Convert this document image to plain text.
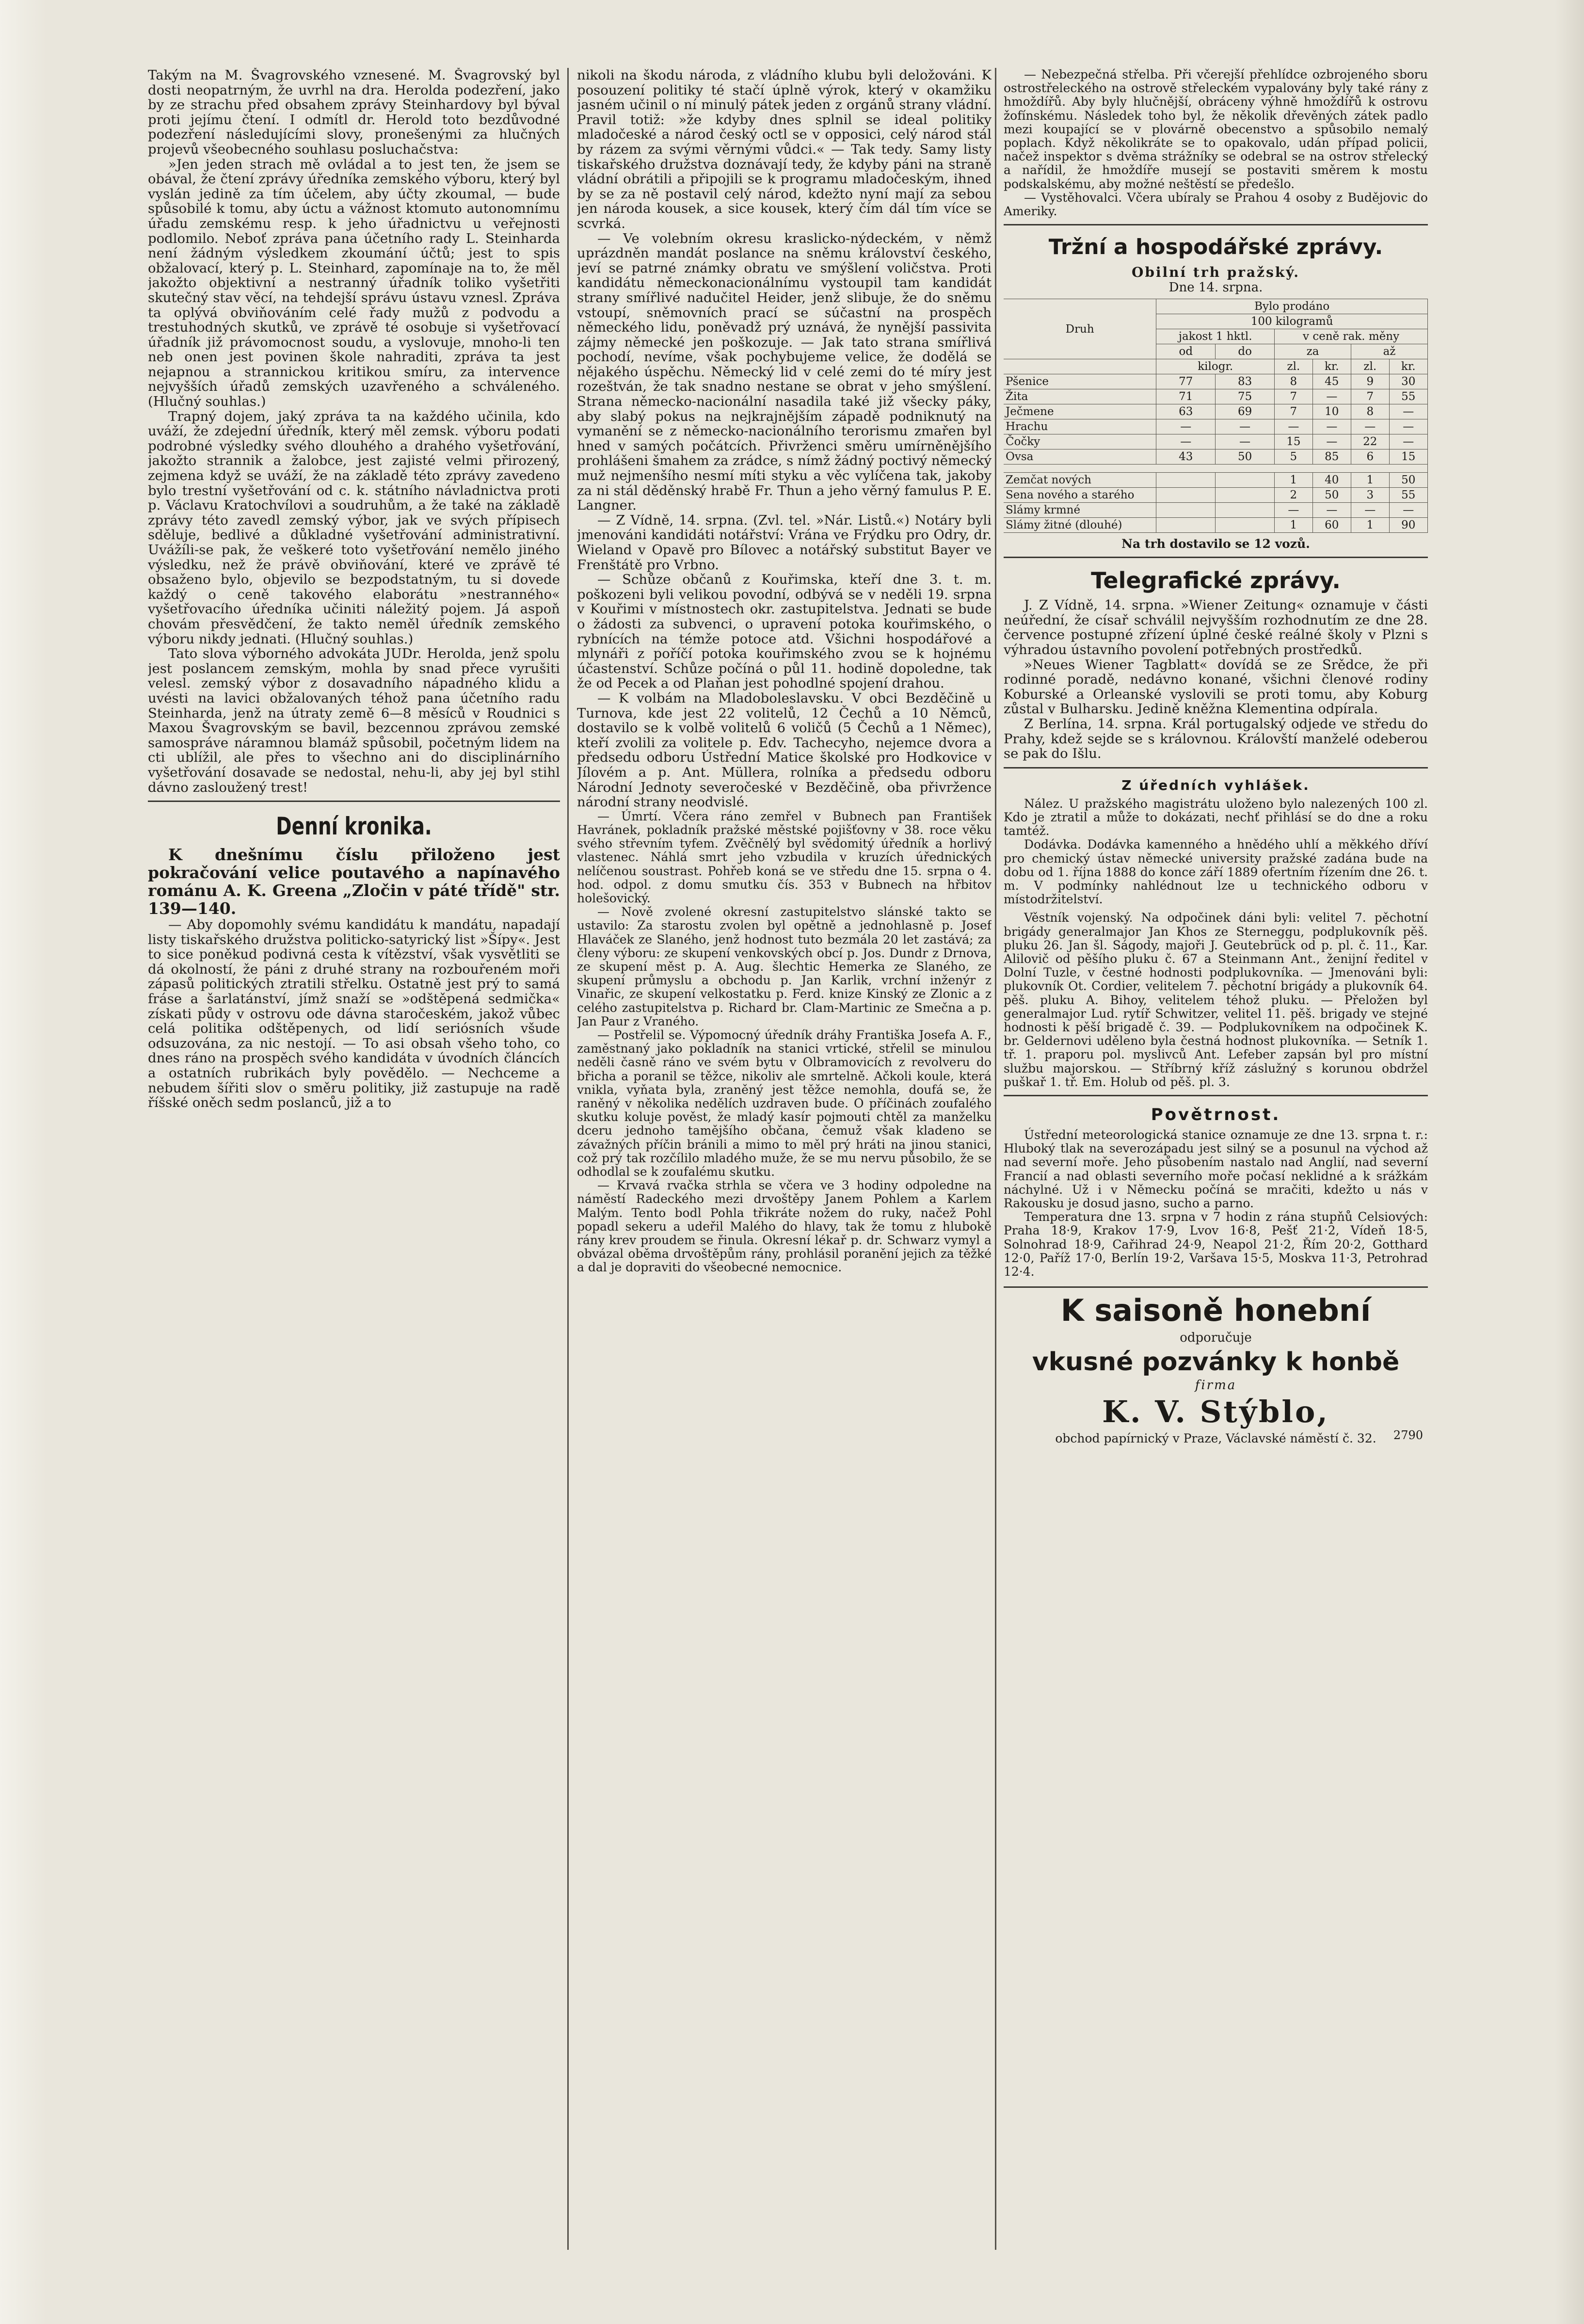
Takým na M. Švagrovského vznesené. M. Švagrovský byl dosti neopatrným, že uvrhl na dra. Herolda podezření, jako by ze strachu před obsahem zprávy Steinhardovy byl býval proti jejímu čtení. I odmítl dr. Herold toto bezdůvodné podezření následujícími slovy, pronešenými za hlučných projevů všeobecného souhlasu posluchačstva:

»Jen jeden strach mě ovládal a to jest ten, že jsem se obával, že čtení zprávy úředníka zemského výboru, který byl vyslán jedině za tím účelem, aby účty zkoumal, — bude spůsobilé k tomu, aby úctu a vážnost ktomuto autonomnímu úřadu zemskému resp. k jeho úřadnictvu u veřejnosti podlomilo. Neboť zpráva pana účetního rady L. Steinharda není žádným výsledkem zkoumání účtů; jest to spis obžalovací, který p. L. Steinhard, zapomínaje na to, že měl jakožto objektivní a nestranný úřadník toliko vyšetřiti skutečný stav věcí, na tehdejší správu ústavu vznesl. Zpráva ta oplývá obviňováním celé řady mužů z podvodu a trestuhodných skutků, ve zprávě té osobuje si vyšetřovací úřadník již právomocnost soudu, a vyslovuje, mnoho-li ten neb onen jest povinen škole nahraditi, zpráva ta jest nejapnou a strannickou kritikou smíru, za intervence nejvyšších úřadů zemských uzavřeného a schváleného. (Hlučný souhlas.)

Trapný dojem, jaký zpráva ta na každého učinila, kdo uváží, že zdejední úředník, který měl zemsk. výboru podati podrobné výsledky svého dlouhého a drahého vyšetřování, jakožto strannik a žalobce, jest zajisté velmi přirozený, zejmena když se uváží, že na základě této zprávy zavedeno bylo trestní vyšetřování od c. k. státního návladnictva proti p. Václavu Kratochvílovi a soudruhům, a že také na základě zprávy této zavedl zemský výbor, jak ve svých přípisech sděluje, bedlivé a důkladné vyšetřování administrativní. Uvážíli-se pak, že veškeré toto vyšetřování nemělo jiného výsledku, než že právě obviňování, které ve zprávě té obsaženo bylo, objevilo se bezpodstatným, tu si dovede každý o ceně takového elaborátu »nestranného« vyšetřovacího úředníka učiniti náležitý pojem. Já aspoň chovám přesvědčení, že takto neměl úředník zemského výboru nikdy jednati. (Hlučný souhlas.)

Tato slova výborného advokáta JUDr. Herolda, jenž spolu jest poslancem zemským, mohla by snad přece vyrušiti velesl. zemský výbor z dosavadního nápadného klidu a uvésti na lavici obžalovaných téhož pana účetního radu Steinharda, jenž na útraty země 6—8 měsíců v Roudnici s Maxou Švagrovským se bavil, bezcennou zprávou zemské samospráve náramnou blamáž spůsobil, početným lidem na cti ublížil, ale přes to všechno ani do disciplinárního vyšetřování dosavade se nedostal, nehu-li, aby jej byl stihl dávno zasloužený trest!

Denní kronika.

K dnešnímu číslu přiloženo jest pokračování velice poutavého a napínavého románu A. K. Greena „Zločin v páté třídě" str. 139—140.

— Aby dopomohly svému kandidátu k mandátu, napadají listy tiskařského družstva politicko-satyrický list »Šípy«. Jest to sice poněkud podivná cesta k vítězství, však vysvětliti se dá okolností, že páni z druhé strany na rozbouřeném moři zápasů politických ztratili střelku. Ostatně jest prý to samá fráse a šarlatánství, jímž snaží se »odštěpená sedmička« získati půdy v ostrovu ode dávna staročeském, jakož vůbec celá politika odštěpenych, od lidí seriósních všude odsuzována, za nic nestojí. — To asi obsah všeho toho, co dnes ráno na prospěch svého kandidáta v úvodních článcích a ostatních rubrikách byly povědělo. — Nechceme a nebudem šířiti slov o směru politiky, již zastupuje na radě říšské oněch sedm poslanců, již a to

nikoli na škodu národa, z vládního klubu byli deložováni. K posouzení politiky té stačí úplně výrok, který v okamžiku jasném učinil o ní minulý pátek jeden z orgánů strany vládní. Pravil totiž: »že kdyby dnes splnil se ideal politiky mladočeské a národ český octl se v opposici, celý národ stál by rázem za svými věrnými vůdci.« — Tak tedy. Samy listy tiskařského družstva doznávají tedy, že kdyby páni na straně vládní obrátili a připojili se k programu mladočeským, ihned by se za ně postavil celý národ, kdežto nyní mají za sebou jen národa kousek, a sice kousek, který čím dál tím více se scvrká.

— Ve volebním okresu kraslicko-nýdeckém, v němž uprázdněn mandát poslance na sněmu království českého, jeví se patrné známky obratu ve smýšlení voličstva. Proti kandidátu německonacionálnímu vystoupil tam kandidát strany smířlivé nadučitel Heider, jenž slibuje, že do sněmu vstoupí, sněmovních prací se súčastní na prospěch německého lidu, poněvadž prý uznává, že nynější passivita zájmy německé jen poškozuje. — Jak tato strana smířlivá pochodí, nevíme, však pochybujeme velice, že dodělá se nějakého úspěchu. Německý lid v celé zemi do té míry jest rozeštván, že tak snadno nestane se obrat v jeho smýšlení. Strana německo-nacionální nasadila také již všecky páky, aby slabý pokus na nejkrajnějším západě podniknutý na vymanění se z německo-nacionálního terorismu zmařen byl hned v samých počátcích. Přivrženci směru umírněnějšího prohlášeni šmahem za zrádce, s nímž žádný poctivý německý muž nejmenšího nesmí míti styku a věc vylíčena tak, jakoby za ni stál děděnský hrabě Fr. Thun a jeho věrný famulus P. E. Langner.

— Z Vídně, 14. srpna. (Zvl. tel. »Nár. Listů.«) Notáry byli jmenováni kandidáti notářství: Vrána ve Frýdku pro Odry, dr. Wieland v Opavě pro Bílovec a notářský substitut Bayer ve Frenštátě pro Vrbno.

— Schůze občanů z Kouřimska, kteří dne 3. t. m. poškozeni byli velikou povodní, odbývá se v neděli 19. srpna v Kouřimi v místnostech okr. zastupitelstva. Jednati se bude o žádosti za subvenci, o upravení potoka kouřimského, o rybnících na témže potoce atd. Všichni hospodářové a mlynáři z poříčí potoka kouřimského zvou se k hojnému účastenství. Schůze počíná o půl 11. hodině dopoledne, tak že od Pecek a od Plaňan jest pohodlné spojení drahou.

— K volbám na Mladoboleslavsku. V obci Bezděčině u Turnova, kde jest 22 volitelů, 12 Čechů a 10 Němců, dostavilo se k volbě volitelů 6 voličů (5 Čechů a 1 Němec), kteří zvolili za volitele p. Edv. Tachecyho, nejemce dvora a předsedu odboru Ústřední Matice školské pro Hodkovice v Jílovém a p. Ant. Müllera, rolníka a předsedu odboru Národní Jednoty severočeské v Bezděčině, oba přivržence národní strany neodvislé.

— Úmrtí. Včera ráno zemřel v Bubnech pan František Havránek, pokladník pražské městské pojišťovny v 38. roce věku svého střevním tyfem. Zvěčnělý byl svědomitý úředník a horlivý vlastenec. Náhlá smrt jeho vzbudila v kruzích úřednických nelíčenou soustrast. Pohřeb koná se ve středu dne 15. srpna o 4. hod. odpol. z domu smutku čís. 353 v Bubnech na hřbitov holešovický.

— Nově zvolené okresní zastupitelstvo slánské takto se ustavilo: Za starostu zvolen byl opětně a jednohlasně p. Josef Hlaváček ze Slaného, jenž hodnost tuto bezmála 20 let zastává; za členy výboru: ze skupení venkovských obcí p. Jos. Dundr z Drnova, ze skupení měst p. A. Aug. šlechtic Hemerka ze Slaného, ze skupení průmyslu a obchodu p. Jan Karlik, vrchní inženýr z Vinařic, ze skupení velkostatku p. Ferd. knize Kinský ze Zlonic a z celého zastupitelstva p. Richard br. Clam-Martinic ze Smečna a p. Jan Paur z Vraného.

— Postřelil se. Výpomocný úředník dráhy Františka Josefa A. F., zaměstnaný jako pokladník na stanici vrtické, střelil se minulou neděli časně ráno ve svém bytu v Olbramovicích z revolveru do břicha a poranil se těžce, nikoliv ale smrtelně. Ačkoli koule, která vnikla, vyňata byla, zraněný jest těžce nemohla, doufá se, že raněný v několika nedělích uzdraven bude. O příčinách zoufalého skutku koluje pověst, že mladý kasír pojmouti chtěl za manželku dceru jednoho tamějšího občana, čemuž však kladeno se závažných příčin bránili a mimo to měl prý hráti na jinou stanici, což prý tak rozčílilo mladého muže, že se mu nervu působilo, že se odhodlal se k zoufalému skutku.

— Krvavá rvačka strhla se včera ve 3 hodiny odpoledne na náměstí Radeckého mezi drvoštěpy Janem Pohlem a Karlem Malým. Tento bodl Pohla třikráte nožem do ruky, načež Pohl popadl sekeru a udeřil Malého do hlavy, tak že tomu z hlubokě rány krev proudem se řinula. Okresní lékař p. dr. Schwarz vymyl a obvázal oběma drvoštěpům rány, prohlásil poranění jejich za těžké a dal je dopraviti do všeobecné nemocnice.

— Nebezpečná střelba. Při včerejší přehlídce ozbrojeného sboru ostrostřeleckého na ostrově střeleckém vypalovány byly také rány z hmoždířů. Aby byly hlučnější, obráceny výhně hmoždířů k ostrovu žofínskému. Následek toho byl, že několik dřevěných zátek padlo mezi koupající se v plovárně obecenstvo a spůsobilo nemalý poplach. Když několikráte se to opakovalo, udán případ policii, načež inspektor s dvěma strážníky se odebral se na ostrov střelecký a nařídil, že hmoždíře musejí se postaviti směrem k mostu podskalskému, aby možné neštěstí se předešlo.

— Vystěhovalci. Včera ubíraly se Prahou 4 osoby z Budějovic do Ameriky.

Tržní a hospodářské zprávy.
Obilní trh pražský.
Dne 14. srpna.
Druh	Bylo prodáno					
	100 kilogramů					
	jakost 1 hktl.		v ceně rak. měny			
	od	do	za		až	
	kilogr.		zl.	kr.	zl.	kr.
Pšenice	77	83	8	45	9	30
Žita	71	75	7	—	7	55
Ječmene	63	69	7	10	8	—
Hrachu	—	—	—	—	—	—
Čočky	—	—	15	—	22	—
Ovsa	43	50	5	85	6	15

Zemčat nových			1	40	1	50
Sena nového a starého			2	50	3	55
Slámy krmné			—	—	—	—
Slámy žitné (dlouhé)			1	60	1	90
Na trh dostavilo se 12 vozů.
Telegrafické zprávy.

J. Z Vídně, 14. srpna. »Wiener Zeitung« oznamuje v části neúřední, že císař schválil nejvyšším rozhodnutím ze dne 28. července postupné zřízení úplné české reálné školy v Plzni s výhradou ústavního povolení potřebných prostředků.

»Neues Wiener Tagblatt« dovídá se ze Srědce, že při rodinné poradě, nedávno konané, všichni členové rodiny Koburské a Orleanské vyslovili se proti tomu, aby Koburg zůstal v Bulharsku. Jedině kněžna Klementina odpírala.

Z Berlína, 14. srpna. Král portugalský odjede ve středu do Prahy, kdež sejde se s královnou. Královští manželé odeberou se pak do Išlu.

Z úředních vyhlášek.

Nález. U pražského magistrátu uloženo bylo nalezených 100 zl. Kdo je ztratil a může to dokázati, nechť přihlásí se do dne a roku tamtéž.

Dodávka. Dodávka kamenného a hnědého uhlí a měkkého dříví pro chemický ústav německé university pražské zadána bude na dobu od 1. října 1888 do konce září 1889 ofertním řízením dne 26. t. m. V podmínky nahlédnout lze u technického odboru v místodržitelství.

Věstník vojenský. Na odpočinek dáni byli: velitel 7. pěchotní brigády generalmajor Jan Khos ze Sterneggu, podplukovník pěš. pluku 26. Jan šl. Ságody, majoři J. Geutebrück od p. pl. č. 11., Kar. Alilovič od pěšího pluku č. 67 a Steinmann Ant., ženijní ředitel v Dolní Tuzle, v čestné hodnosti podplukovníka. — Jmenováni byli: plukovník Ot. Cordier, velitelem 7. pěchotní brigády a plukovník 64. pěš. pluku A. Bihoy, velitelem téhož pluku. — Přeložen byl generalmajor Lud. rytíř Schwitzer, velitel 11. pěš. brigady ve stejné hodnosti k pěší brigadě č. 39. — Podplukovníkem na odpočinek K. br. Geldernovi uděleno byla čestná hodnost plukovníka. — Setník 1. tř. 1. praporu pol. myslivců Ant. Lefeber zapsán byl pro místní službu majorskou. — Stříbrný kříž záslužný s korunou obdržel puškař 1. tř. Em. Holub od pěš. pl. 3.

Povětrnost.

Ústřední meteorologická stanice oznamuje ze dne 13. srpna t. r.: Hluboký tlak na severozápadu jest silný se a posunul na východ až nad severní moře. Jeho působením nastalo nad Anglií, nad severní Francií a nad oblasti severního moře počasí neklidné a k srážkám náchylné. Už i v Německu počíná se mračiti, kdežto u nás v Rakousku je dosud jasno, sucho a parno.

Temperatura dne 13. srpna v 7 hodin z rána stupňů Celsiových: Praha 18·9, Krakov 17·9, Lvov 16·8, Pešť 21·2, Vídeň 18·5, Solnohrad 18·9, Cařihrad 24·9, Neapol 21·2, Řím 20·2, Gotthard 12·0, Paříž 17·0, Berlín 19·2, Varšava 15·5, Moskva 11·3, Petrohrad 12·4.

K saisoně honební
odporučuje
vkusné pozvánky k honbě
firma
2790
K. V. Stýblo,
obchod papírnický v Praze, Václavské náměstí č. 32.
